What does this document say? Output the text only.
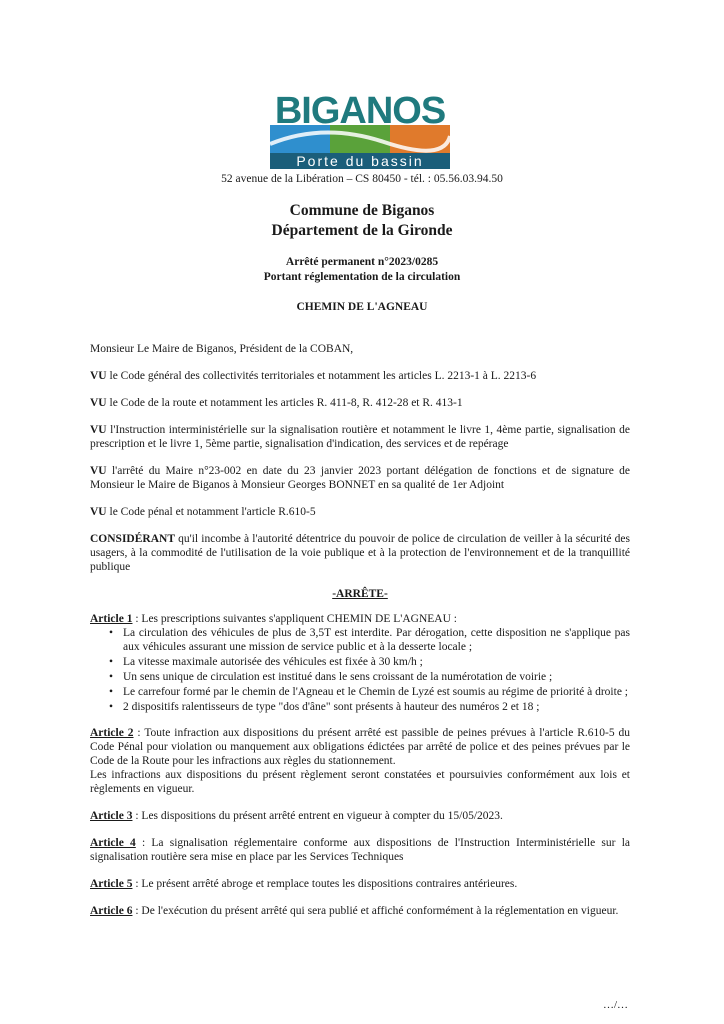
BIGANOS
Porte du bassin
52 avenue de la Libération – CS 80450 - tél. : 05.56.03.94.50
Commune de Biganos
Département de la Gironde
Arrêté permanent n°2023/0285
Portant réglementation de la circulation
CHEMIN DE L'AGNEAU

Monsieur Le Maire de Biganos, Président de la COBAN,

VU le Code général des collectivités territoriales et notamment les articles L. 2213-1 à L. 2213-6

VU le Code de la route et notamment les articles R. 411-8, R. 412-28 et R. 413-1

VU l'Instruction interministérielle sur la signalisation routière et notamment le livre 1, 4ème partie, signalisation de prescription et le livre 1, 5ème partie, signalisation d'indication, des services et de repérage

VU l'arrêté du Maire n°23-002 en date du 23 janvier 2023 portant délégation de fonctions et de signature de Monsieur le Maire de Biganos à Monsieur Georges BONNET en sa qualité de 1er Adjoint

VU le Code pénal et notamment l'article R.610-5

CONSIDÉRANT qu'il incombe à l'autorité détentrice du pouvoir de police de circulation de veiller à la sécurité des usagers, à la commodité de l'utilisation de la voie publique et à la protection de l'environnement et de la tranquillité publique

-ARRÊTE-
Article 1 : Les prescriptions suivantes s'appliquent CHEMIN DE L'AGNEAU :
• La circulation des véhicules de plus de 3,5T est interdite. Par dérogation, cette disposition ne s'applique pas aux véhicules assurant une mission de service public et à la desserte locale ;
• La vitesse maximale autorisée des véhicules est fixée à 30 km/h ;
• Un sens unique de circulation est institué dans le sens croissant de la numérotation de voirie ;
• Le carrefour formé par le chemin de l'Agneau et le Chemin de Lyzé est soumis au régime de priorité à droite ;
• 2 dispositifs ralentisseurs de type "dos d'âne" sont présents à hauteur des numéros 2 et 18 ;

Article 2 : Toute infraction aux dispositions du présent arrêté est passible de peines prévues à l'article R.610-5 du Code Pénal pour violation ou manquement aux obligations édictées par arrêté de police et des peines prévues par le Code de la Route pour les infractions aux règles du stationnement.
Les infractions aux dispositions du présent règlement seront constatées et poursuivies conformément aux lois et règlements en vigueur.

Article 3 : Les dispositions du présent arrêté entrent en vigueur à compter du 15/05/2023.

Article 4 : La signalisation réglementaire conforme aux dispositions de l'Instruction Interministérielle sur la signalisation routière sera mise en place par les Services Techniques

Article 5 : Le présent arrêté abroge et remplace toutes les dispositions contraires antérieures.

Article 6 : De l'exécution du présent arrêté qui sera publié et affiché conformément à la réglementation en vigueur.

…/…
